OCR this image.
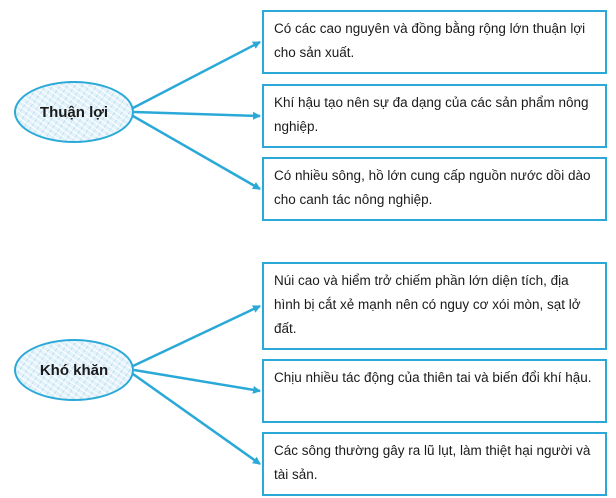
Thuận lợi
Khó khăn
Có các cao nguyên và đồng bằng rộng lớn thuận lợi cho sản xuất.
Khí hậu tạo nên sự đa dạng của các sản phẩm nông nghiệp.
Có nhiều sông, hồ lớn cung cấp nguồn nước dồi dào cho canh tác nông nghiệp.
Núi cao và hiểm trở chiếm phần lớn diện tích, địa hình bị cắt xẻ mạnh nên có nguy cơ xói mòn, sạt lở đất.
Chịu nhiều tác động của thiên tai và biến đổi khí hậu.
Các sông thường gây ra lũ lụt, làm thiệt hại người và tài sản.
